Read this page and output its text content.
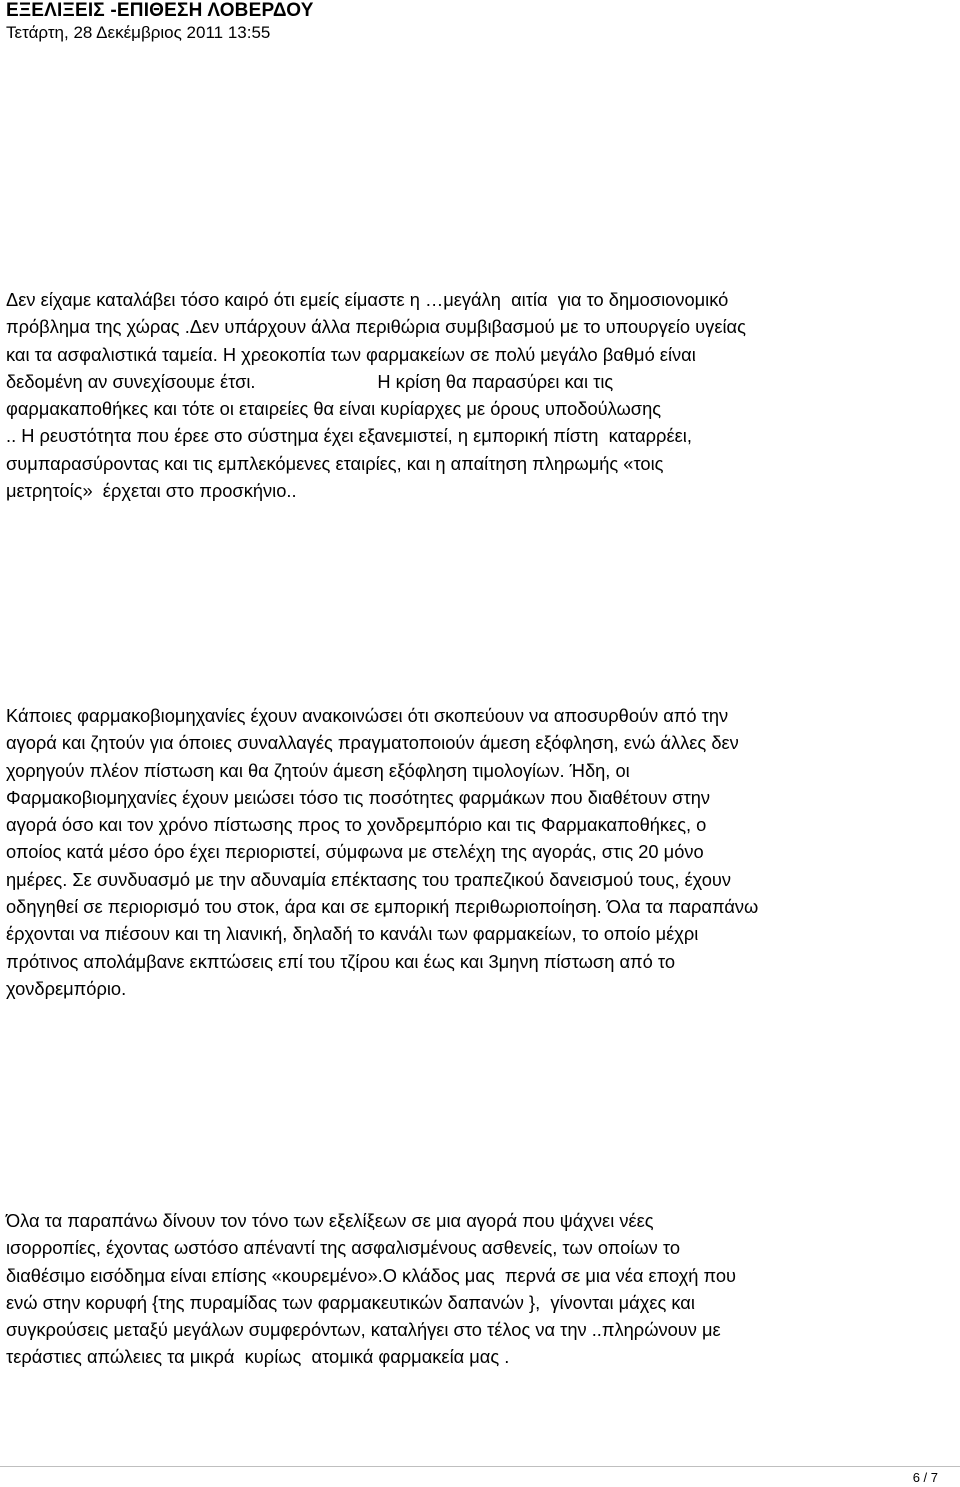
ΕΞΕΛΙΞΕΙΣ -ΕΠΙΘΕΣΗ ΛΟΒΕΡΔΟΥ

Τετάρτη, 28 Δεκέμβριος 2011 13:55

Δεν είχαμε καταλάβει τόσο καιρό ότι εμείς είμαστε η …μεγάλη  αιτία  για το δημοσιονομικό
πρόβλημα της χώρας .Δεν υπάρχουν άλλα περιθώρια συμβιβασμού με το υπουργείο υγείας
και τα ασφαλιστικά ταμεία. Η χρεοκοπία των φαρμακείων σε πολύ μεγάλο βαθμό είναι
δεδομένη αν συνεχίσουμε έτσι.                        Η κρίση θα παρασύρει και τις
φαρμακαποθήκες και τότε οι εταιρείες θα είναι κυρίαρχες με όρους υποδούλωσης
.. Η ρευστότητα που έρεε στο σύστημα έχει εξανεμιστεί, η εμπορική πίστη  καταρρέει,
συμπαρασύροντας και τις εμπλεκόμενες εταιρίες, και η απαίτηση πληρωμής «τοις
μετρητοίς»  έρχεται στο προσκήνιο..
Κάποιες φαρμακοβιομηχανίες έχουν ανακοινώσει ότι σκοπεύουν να αποσυρθούν από την
αγορά και ζητούν για όποιες συναλλαγές πραγματοποιούν άμεση εξόφληση, ενώ άλλες δεν
χορηγούν πλέον πίστωση και θα ζητούν άμεση εξόφληση τιμολογίων. Ήδη, οι
Φαρμακοβιομηχανίες έχουν μειώσει τόσο τις ποσότητες φαρμάκων που διαθέτουν στην
αγορά όσο και τον χρόνο πίστωσης προς το χονδρεμπόριο και τις Φαρμακαποθήκες, ο
οποίος κατά μέσο όρο έχει περιοριστεί, σύμφωνα με στελέχη της αγοράς, στις 20 μόνο
ημέρες. Σε συνδυασμό με την αδυναμία επέκτασης του τραπεζικού δανεισμού τους, έχουν
οδηγηθεί σε περιορισμό του στοκ, άρα και σε εμπορική περιθωριοποίηση. Όλα τα παραπάνω
έρχονται να πιέσουν και τη λιανική, δηλαδή το κανάλι των φαρμακείων, το οποίο μέχρι
πρότινος απολάμβανε εκπτώσεις επί του τζίρου και έως και 3μηνη πίστωση από το
χονδρεμπόριο.
Όλα τα παραπάνω δίνουν τον τόνο των εξελίξεων σε μια αγορά που ψάχνει νέες
ισορροπίες, έχοντας ωστόσο απέναντί της ασφαλισμένους ασθενείς, των οποίων το
διαθέσιμο εισόδημα είναι επίσης «κουρεμένο».Ο κλάδος μας  περνά σε μια νέα εποχή που
ενώ στην κορυφή {της πυραμίδας των φαρμακευτικών δαπανών },  γίνονται μάχες και
συγκρούσεις μεταξύ μεγάλων συμφερόντων, καταλήγει στο τέλος να την ..πληρώνουν με
τεράστιες απώλειες τα μικρά  κυρίως  ατομικά φαρμακεία μας .
6 / 7
